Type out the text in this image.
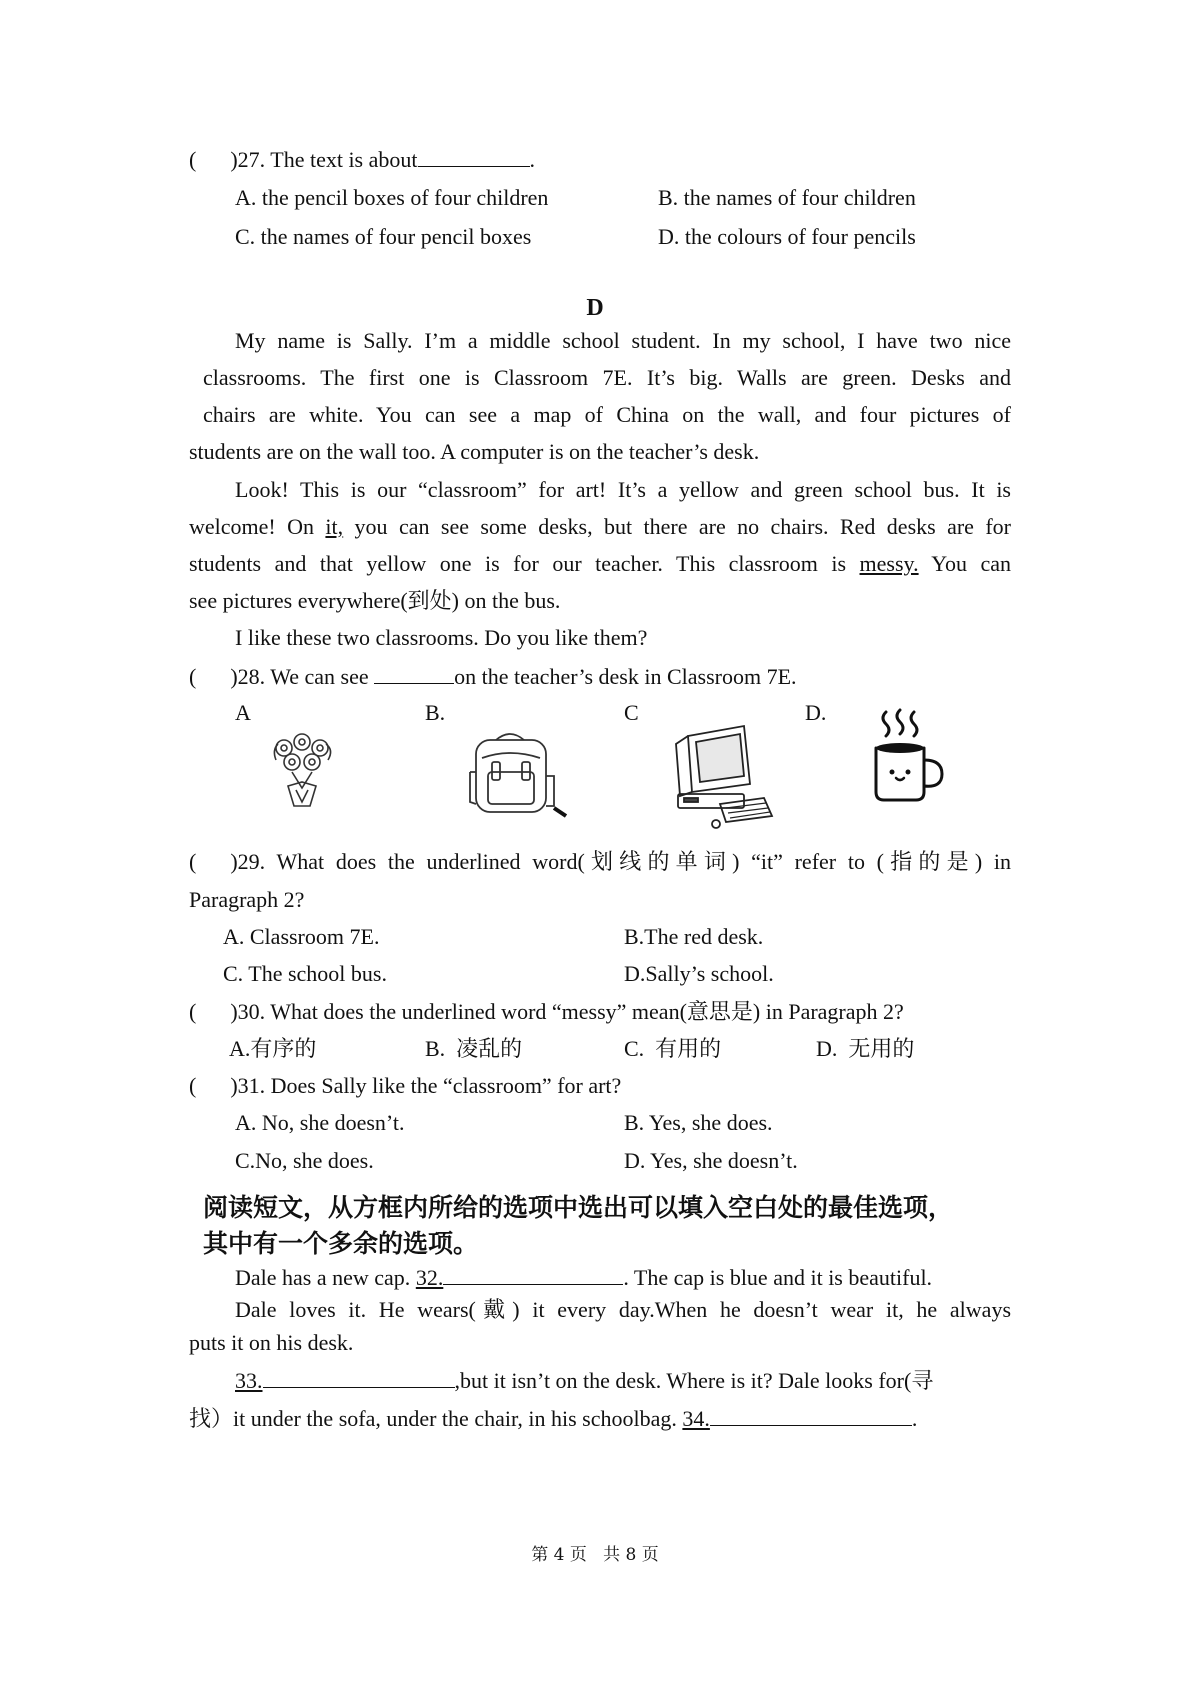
( )27. The text is about	.
A. the pencil boxes of four children	B. the names of four children
C. the names of four pencil boxes	D. the colours of four pencils
D
My name is Sally. I’m a middle school student. In my school, I have two nice
classrooms. The first one is Classroom 7E. It’s big. Walls are green. Desks and
chairs are white. You can see a map of China on the wall, and four pictures of
students are on the wall too. A computer is on the teacher’s desk.
Look! This is our “classroom” for art! It’s a yellow and green school bus. It is
welcome! On it, you can see some desks, but there are no chairs. Red desks are for
students and that yellow one is for our teacher. This classroom is messy. You can
see pictures everywhere(到处) on the bus.
I like these two classrooms. Do you like them?
( )28. We can see	on the teacher’s desk in Classroom 7E.
A	B.	C	D.
( )29. What does the underlined word(划线的单词) “it” refer to (指的是) in
Paragraph 2?
A. Classroom 7E.	B.The red desk.
C. The school bus.	D.Sally’s school.
( )30. What does the underlined word “messy” mean(意思是) in Paragraph 2?
A.有序的	B.  凌乱的	C.  有用的	D.  无用的
( )31. Does Sally like the “classroom” for art?
A. No, she doesn’t.	B. Yes, she does.
C.No, she does.	D. Yes, she doesn’t.
阅读短文，从方框内所给的选项中选出可以填入空白处的最佳选项，
其中有一个多余的选项。
Dale has a new cap. 32.	. The cap is blue and it is beautiful.
Dale loves it. He wears(戴) it every day.When he doesn’t wear it, he always
puts it on his desk.
33.	,but it isn’t on the desk. Where is it? Dale looks for(寻
找）it under the sofa, under the chair, in his schoolbag. 34.	.
第 4 页   共 8 页
